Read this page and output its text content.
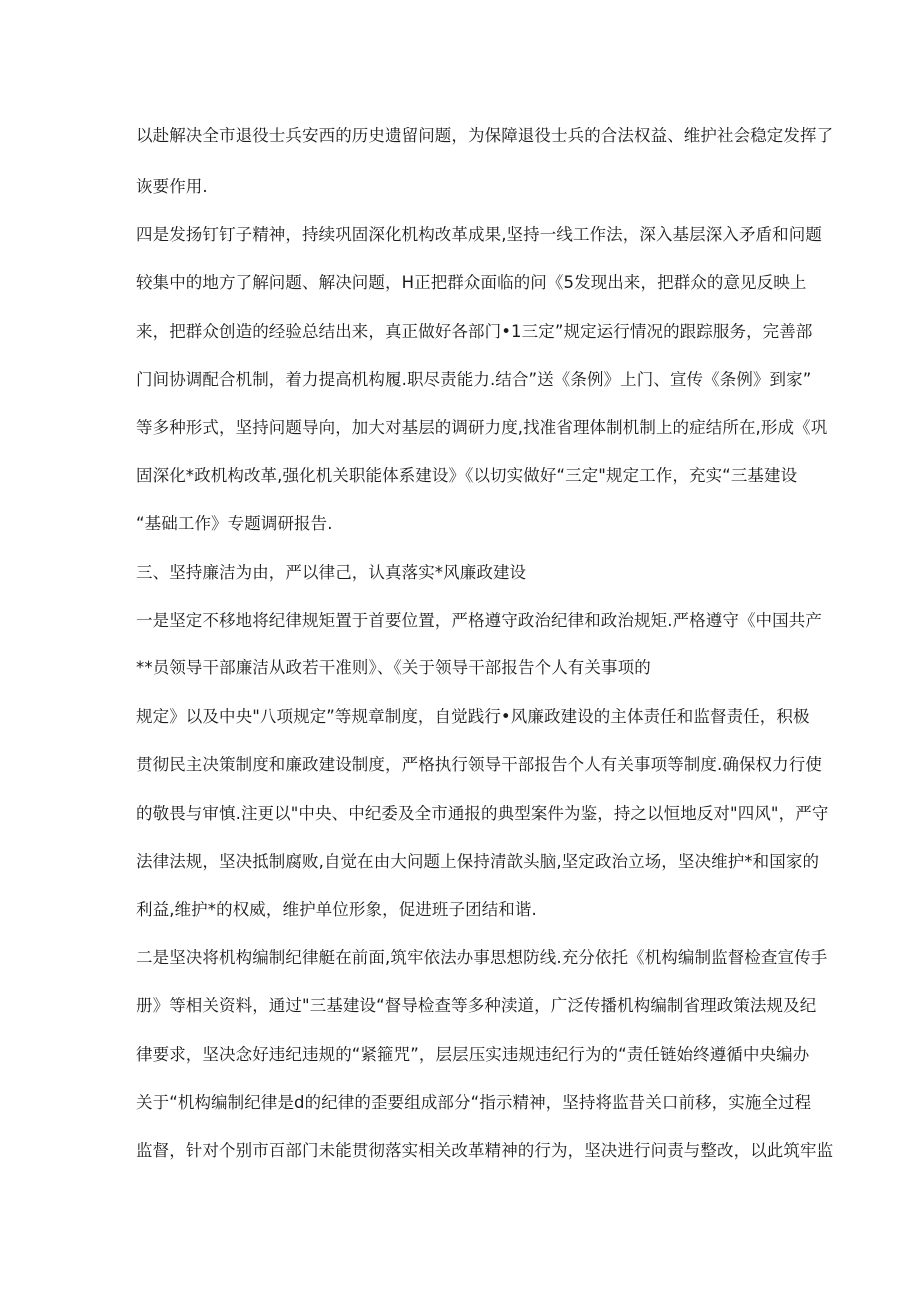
以赴解决全市退役士兵安西的历史遗留问题，为保障退役士兵的合法权益、维护社会稳定发挥了
诙要作用.
四是发扬钉钉子精神，持续巩固深化机构改革成果,坚持一线工作法，深入基层深入矛盾和问题
较集中的地方了解问题、解决问题，H正把群众面临的问《5发现出来，把群众的意见反映上
来，把群众创造的经验总结出来，真正做好各部门•1三定”规定运行情况的跟踪服务，完善部
门间协调配合机制，着力提高机构履.职尽责能力.结合”送《条例》上门、宣传《条例》到家”
等多种形式，坚持问题导向，加大对基层的调研力度,找准省理体制机制上的症结所在,形成《巩
固深化*政机构改革,强化机关职能体系建设》《以切实做好“三定"规定工作，充实“三基建设
“基础工作》专题调研报告.
三、坚持廉洁为由，严以律己，认真落实*风廉政建设
一是坚定不移地将纪律规矩置于首要位置，严格遵守政治纪律和政治规矩.严格遵守《中国共产
**员领导干部廉洁从政若干准则》、《关于领导干部报告个人有关事项的
规定》以及中央"八项规定”等规章制度，自觉践行•风廉政建设的主体责任和监督责任，积极
贯彻民主决策制度和廉政建设制度，严格执行领导干部报告个人有关事项等制度.确保权力行使
的敬畏与审慎.注更以"中央、中纪委及全市通报的典型案件为鉴，持之以恒地反对"四风"，严守
法律法规，坚决抵制腐败,自觉在由大问题上保持清歆头脑,坚定政治立场，坚决维护*和国家的
利益,维护*的权威，维护单位形象，促进班子团结和谐.
二是坚决将机构编制纪律艇在前面,筑牢依法办事思想防线.充分依托《机构编制监督检查宣传手
册》等相关资料，通过"三基建设“督导检查等多种渎道，广泛传播机构编制省理政策法规及纪
律要求，坚决念好违纪违规的“紧箍咒”，层层压实违规违纪行为的“责任链始终遵循中央编办
关于“机构编制纪律是d的纪律的歪要组成部分“指示精神，坚持将监昔关口前移，实施全过程
监督，针对个别市百部门未能贯彻落实相关改革精神的行为，坚决进行问责与整改，以此筑牢监
